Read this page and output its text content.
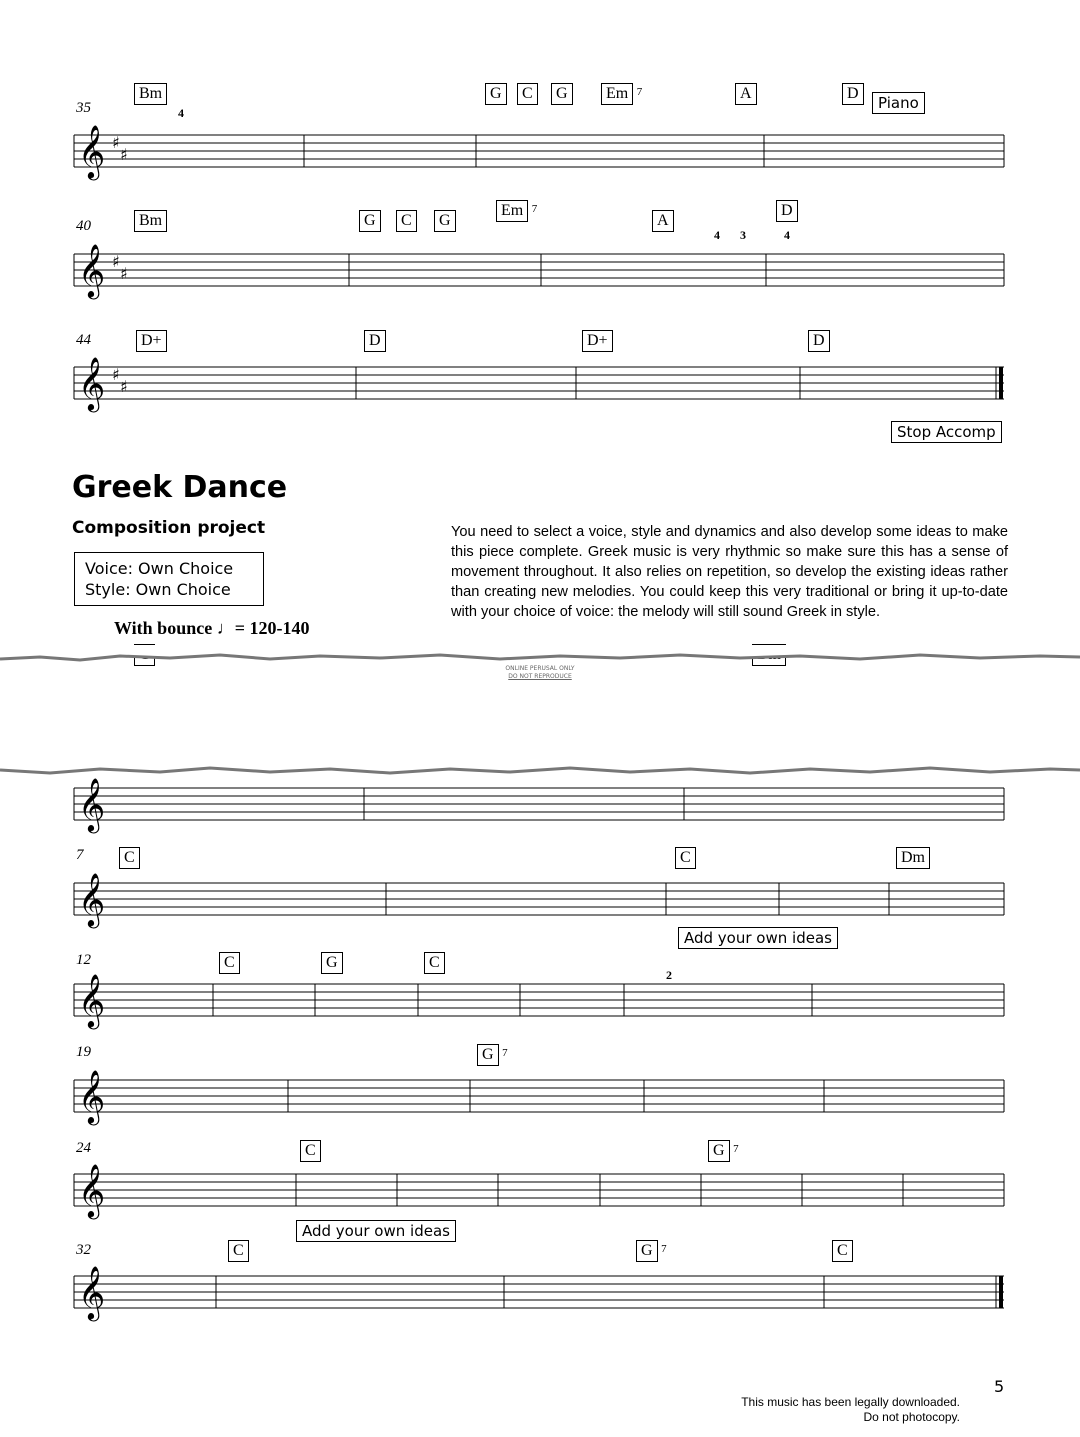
35
Bm	G	C	G	Em 7	A	D
Piano
4
𝄞 ♯
♯
40	Bm	G	C	G
Em 7
A
D
4 3	4
𝄞 ♯
♯
44	D+	D	D+	D
Stop Accomp
𝄞 ♯
♯
Greek Dance
Composition project
Voice: Own Choice
Style: Own Choice
With bounce ♩= 120-140

You need to select a voice, style and dynamics and also develop some ideas to make this piece complete. Greek music is very rhythmic so make sure this has a sense of movement throughout. It also relies on repetition, so develop the existing ideas rather than creating new melodies. You could keep this very traditional or bring it up-to-date with your choice of voice: the melody will still sound Greek in style.

ONLINE PERUSAL ONLY
DO NOT REPRODUCE
𝄞
7	C	C	Dm
Add your own ideas
𝄞
12	C	G	C
2
𝄞
19	G 7
𝄞
24	C	G 7
Add your own ideas
𝄞
32	C	G 7	C
𝄞
5
This music has been legally downloaded.
Do not photocopy.
